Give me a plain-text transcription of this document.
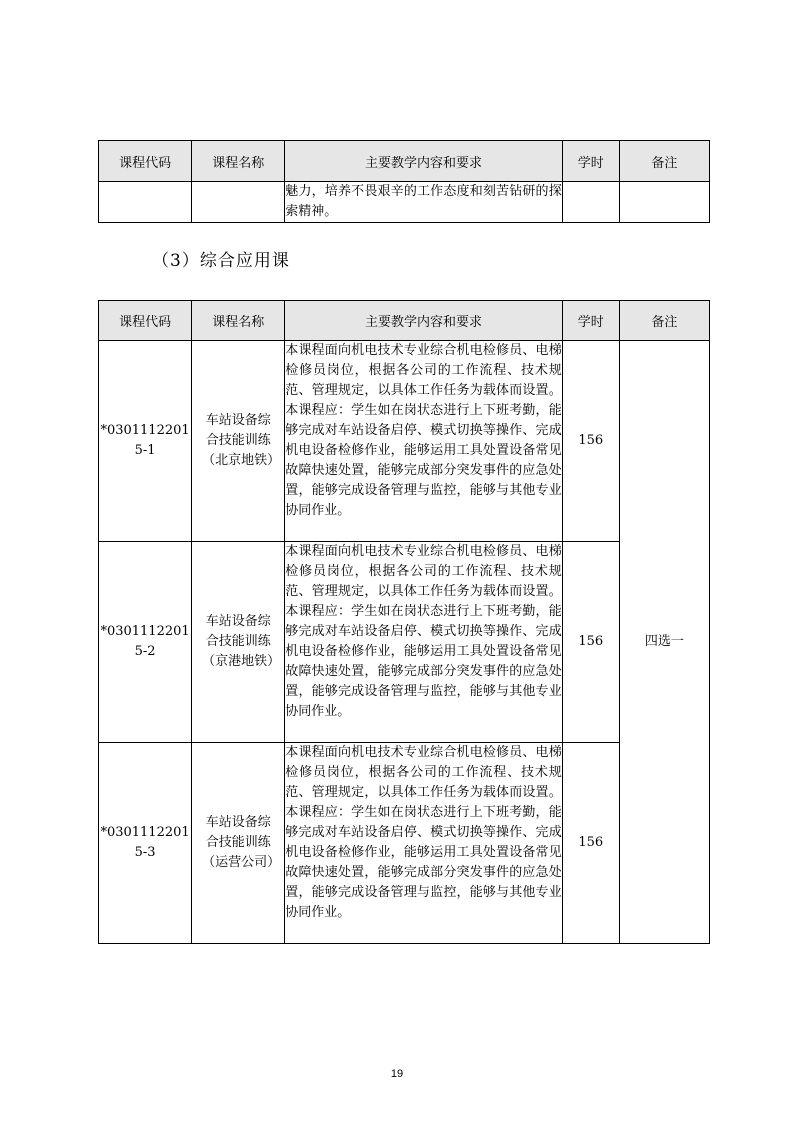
课程代码	课程名称	主要教学内容和要求	学时	备注
		魅力，培养不畏艰辛的工作态度和刻苦钻研的探索精神。		
（3）综合应用课
课程代码	课程名称	主要教学内容和要求	学时	备注
*0301112201
5-1	车站设备综合技能训练（北京地铁）	本课程面向机电技术专业综合机电检修员、电梯检修员岗位，根据各公司的工作流程、技术规范、管理规定，以具体工作任务为载体而设置。本课程应：学生如在岗状态进行上下班考勤，能够完成对车站设备启停、模式切换等操作、完成机电设备检修作业，能够运用工具处置设备常见故障快速处置，能够完成部分突发事件的应急处置，能够完成设备管理与监控，能够与其他专业协同作业。	156	四选一
*0301112201
5-2	车站设备综合技能训练（京港地铁）	本课程面向机电技术专业综合机电检修员、电梯检修员岗位，根据各公司的工作流程、技术规范、管理规定，以具体工作任务为载体而设置。本课程应：学生如在岗状态进行上下班考勤，能够完成对车站设备启停、模式切换等操作、完成机电设备检修作业，能够运用工具处置设备常见故障快速处置，能够完成部分突发事件的应急处置，能够完成设备管理与监控，能够与其他专业协同作业。	156	
*0301112201
5-3	车站设备综合技能训练（运营公司）	本课程面向机电技术专业综合机电检修员、电梯检修员岗位，根据各公司的工作流程、技术规范、管理规定，以具体工作任务为载体而设置。本课程应：学生如在岗状态进行上下班考勤，能够完成对车站设备启停、模式切换等操作、完成机电设备检修作业，能够运用工具处置设备常见故障快速处置，能够完成部分突发事件的应急处置，能够完成设备管理与监控，能够与其他专业协同作业。	156	
19
